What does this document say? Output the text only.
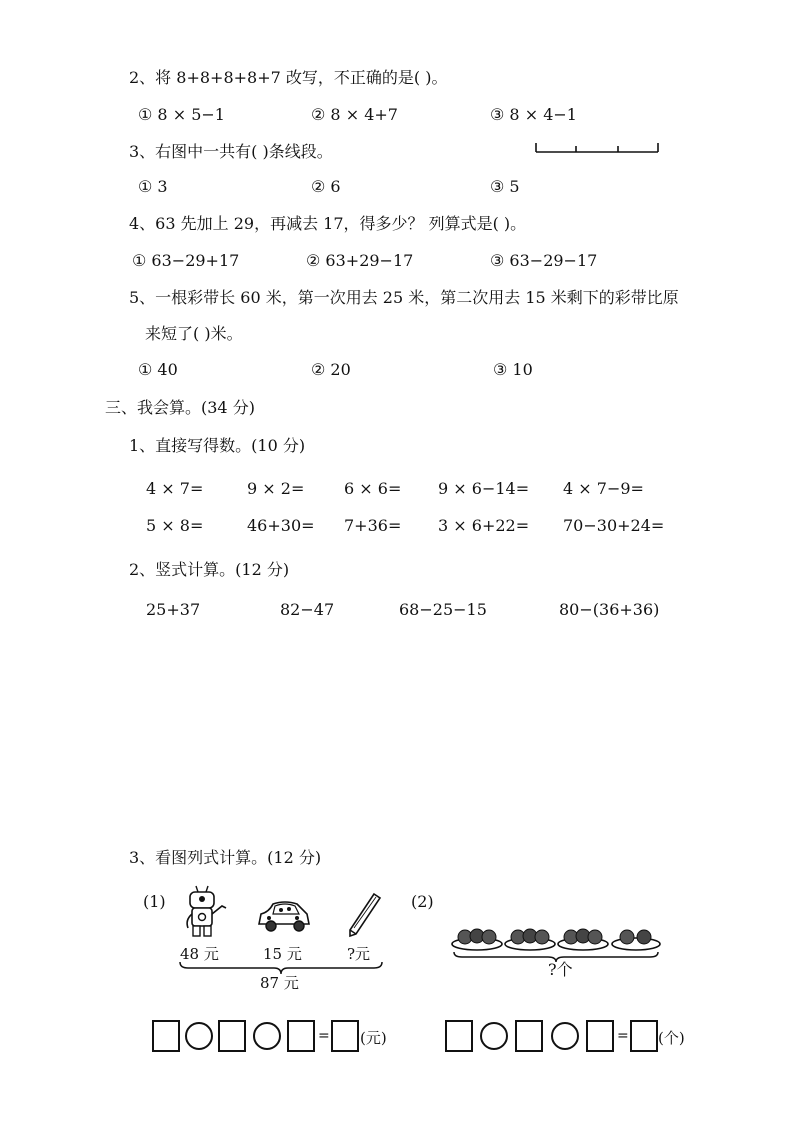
2、将 8+8+8+8+7 改写，不正确的是( )。
① 8 × 5−1	② 8 × 4+7	③ 8 × 4−1
3、右图中一共有( )条线段。
① 3	② 6	③ 5
4、63 先加上 29，再减去 17，得多少？ 列算式是( )。
① 63−29+17	② 63+29−17	③ 63−29−17
5、一根彩带长 60 米，第一次用去 25 米，第二次用去 15 米剩下的彩带比原
来短了( )米。
① 40	② 20	③ 10
三、我会算。(34 分)
1、直接写得数。(10 分)
4 × 7=	9 × 2= 6 × 6= 9 × 6−14= 4 × 7−9=
5 × 8=	46+30= 7+36= 3 × 6+22= 70−30+24=
2、竖式计算。(12 分)
25+37	82−47	68−25−15	80−(36+36)
3、看图列式计算。(12 分)
(1)
48 元	15 元	?元
87 元
(2)
?个
= (元)	= (个)
